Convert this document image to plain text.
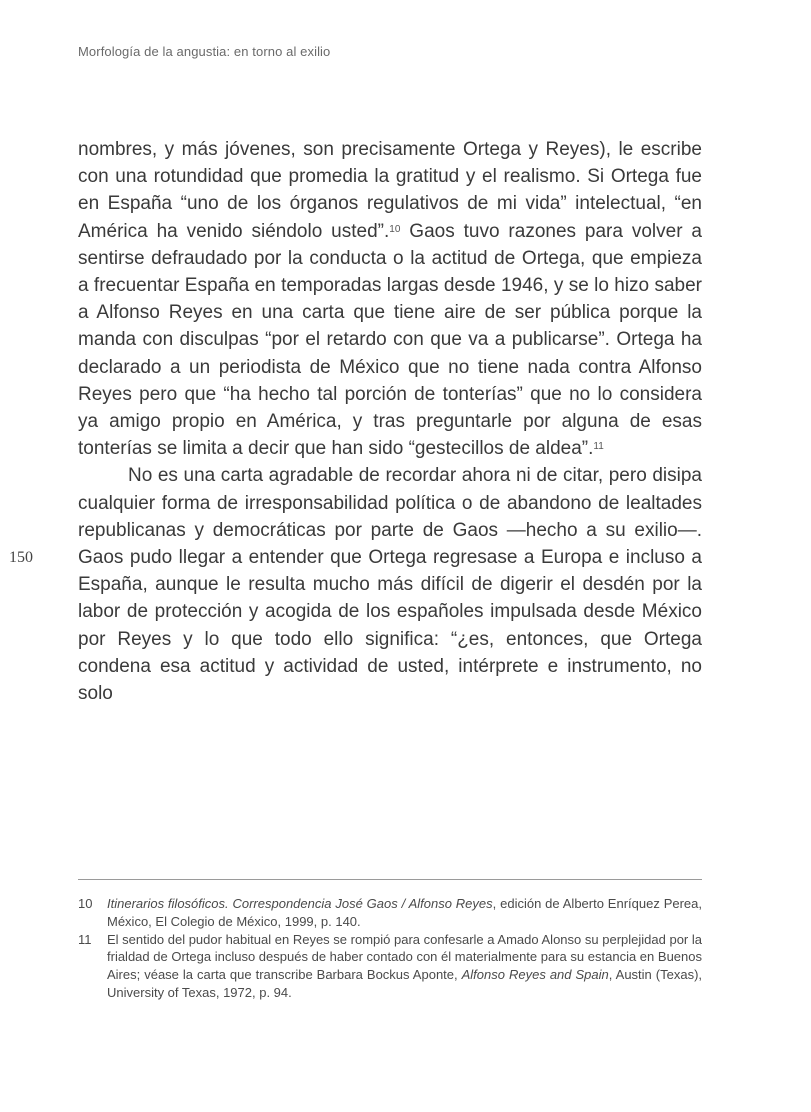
Morfología de la angustia: en torno al exilio
150

nombres, y más jóvenes, son precisamente Ortega y Reyes), le escribe con una rotundidad que promedia la gratitud y el realismo. Si Ortega fue en España “uno de los órganos regulativos de mi vida” intelectual, “en América ha venido siéndolo usted”.$^{10}$ Gaos tuvo razones para volver a sentirse defraudado por la conducta o la actitud de Ortega, que empieza a frecuentar España en temporadas largas desde 1946, y se lo hizo saber a Alfonso Reyes en una carta que tiene aire de ser pública porque la manda con disculpas “por el retardo con que va a publicarse”. Ortega ha declarado a un periodista de México que no tiene nada contra Alfonso Reyes pero que “ha hecho tal porción de tonterías” que no lo considera ya amigo propio en América, y tras preguntarle por alguna de esas tonterías se limita a decir que han sido “gestecillos de aldea”.$^{11}$

No es una carta agradable de recordar ahora ni de citar, pero disipa cualquier forma de irresponsabilidad política o de abandono de lealtades republicanas y democráticas por parte de Gaos —hecho a su exilio—. Gaos pudo llegar a entender que Ortega regresase a Europa e incluso a España, aunque le resulta mucho más difícil de digerir el desdén por la labor de protección y acogida de los españoles impulsada desde México por Reyes y lo que todo ello significa: “¿es, entonces, que Ortega condena esa actitud y actividad de usted, intérprete e instrumento, no solo

10 Itinerarios filosóficos. Correspondencia José Gaos / Alfonso Reyes, edición de Alberto Enríquez Perea, México, El Colegio de México, 1999, p. 140.
11 El sentido del pudor habitual en Reyes se rompió para confesarle a Amado Alonso su perplejidad por la frialdad de Ortega incluso después de haber contado con él materialmente para su estancia en Buenos Aires; véase la carta que transcribe Barbara Bockus Aponte, Alfonso Reyes and Spain, Austin (Texas), University of Texas, 1972, p. 94.
